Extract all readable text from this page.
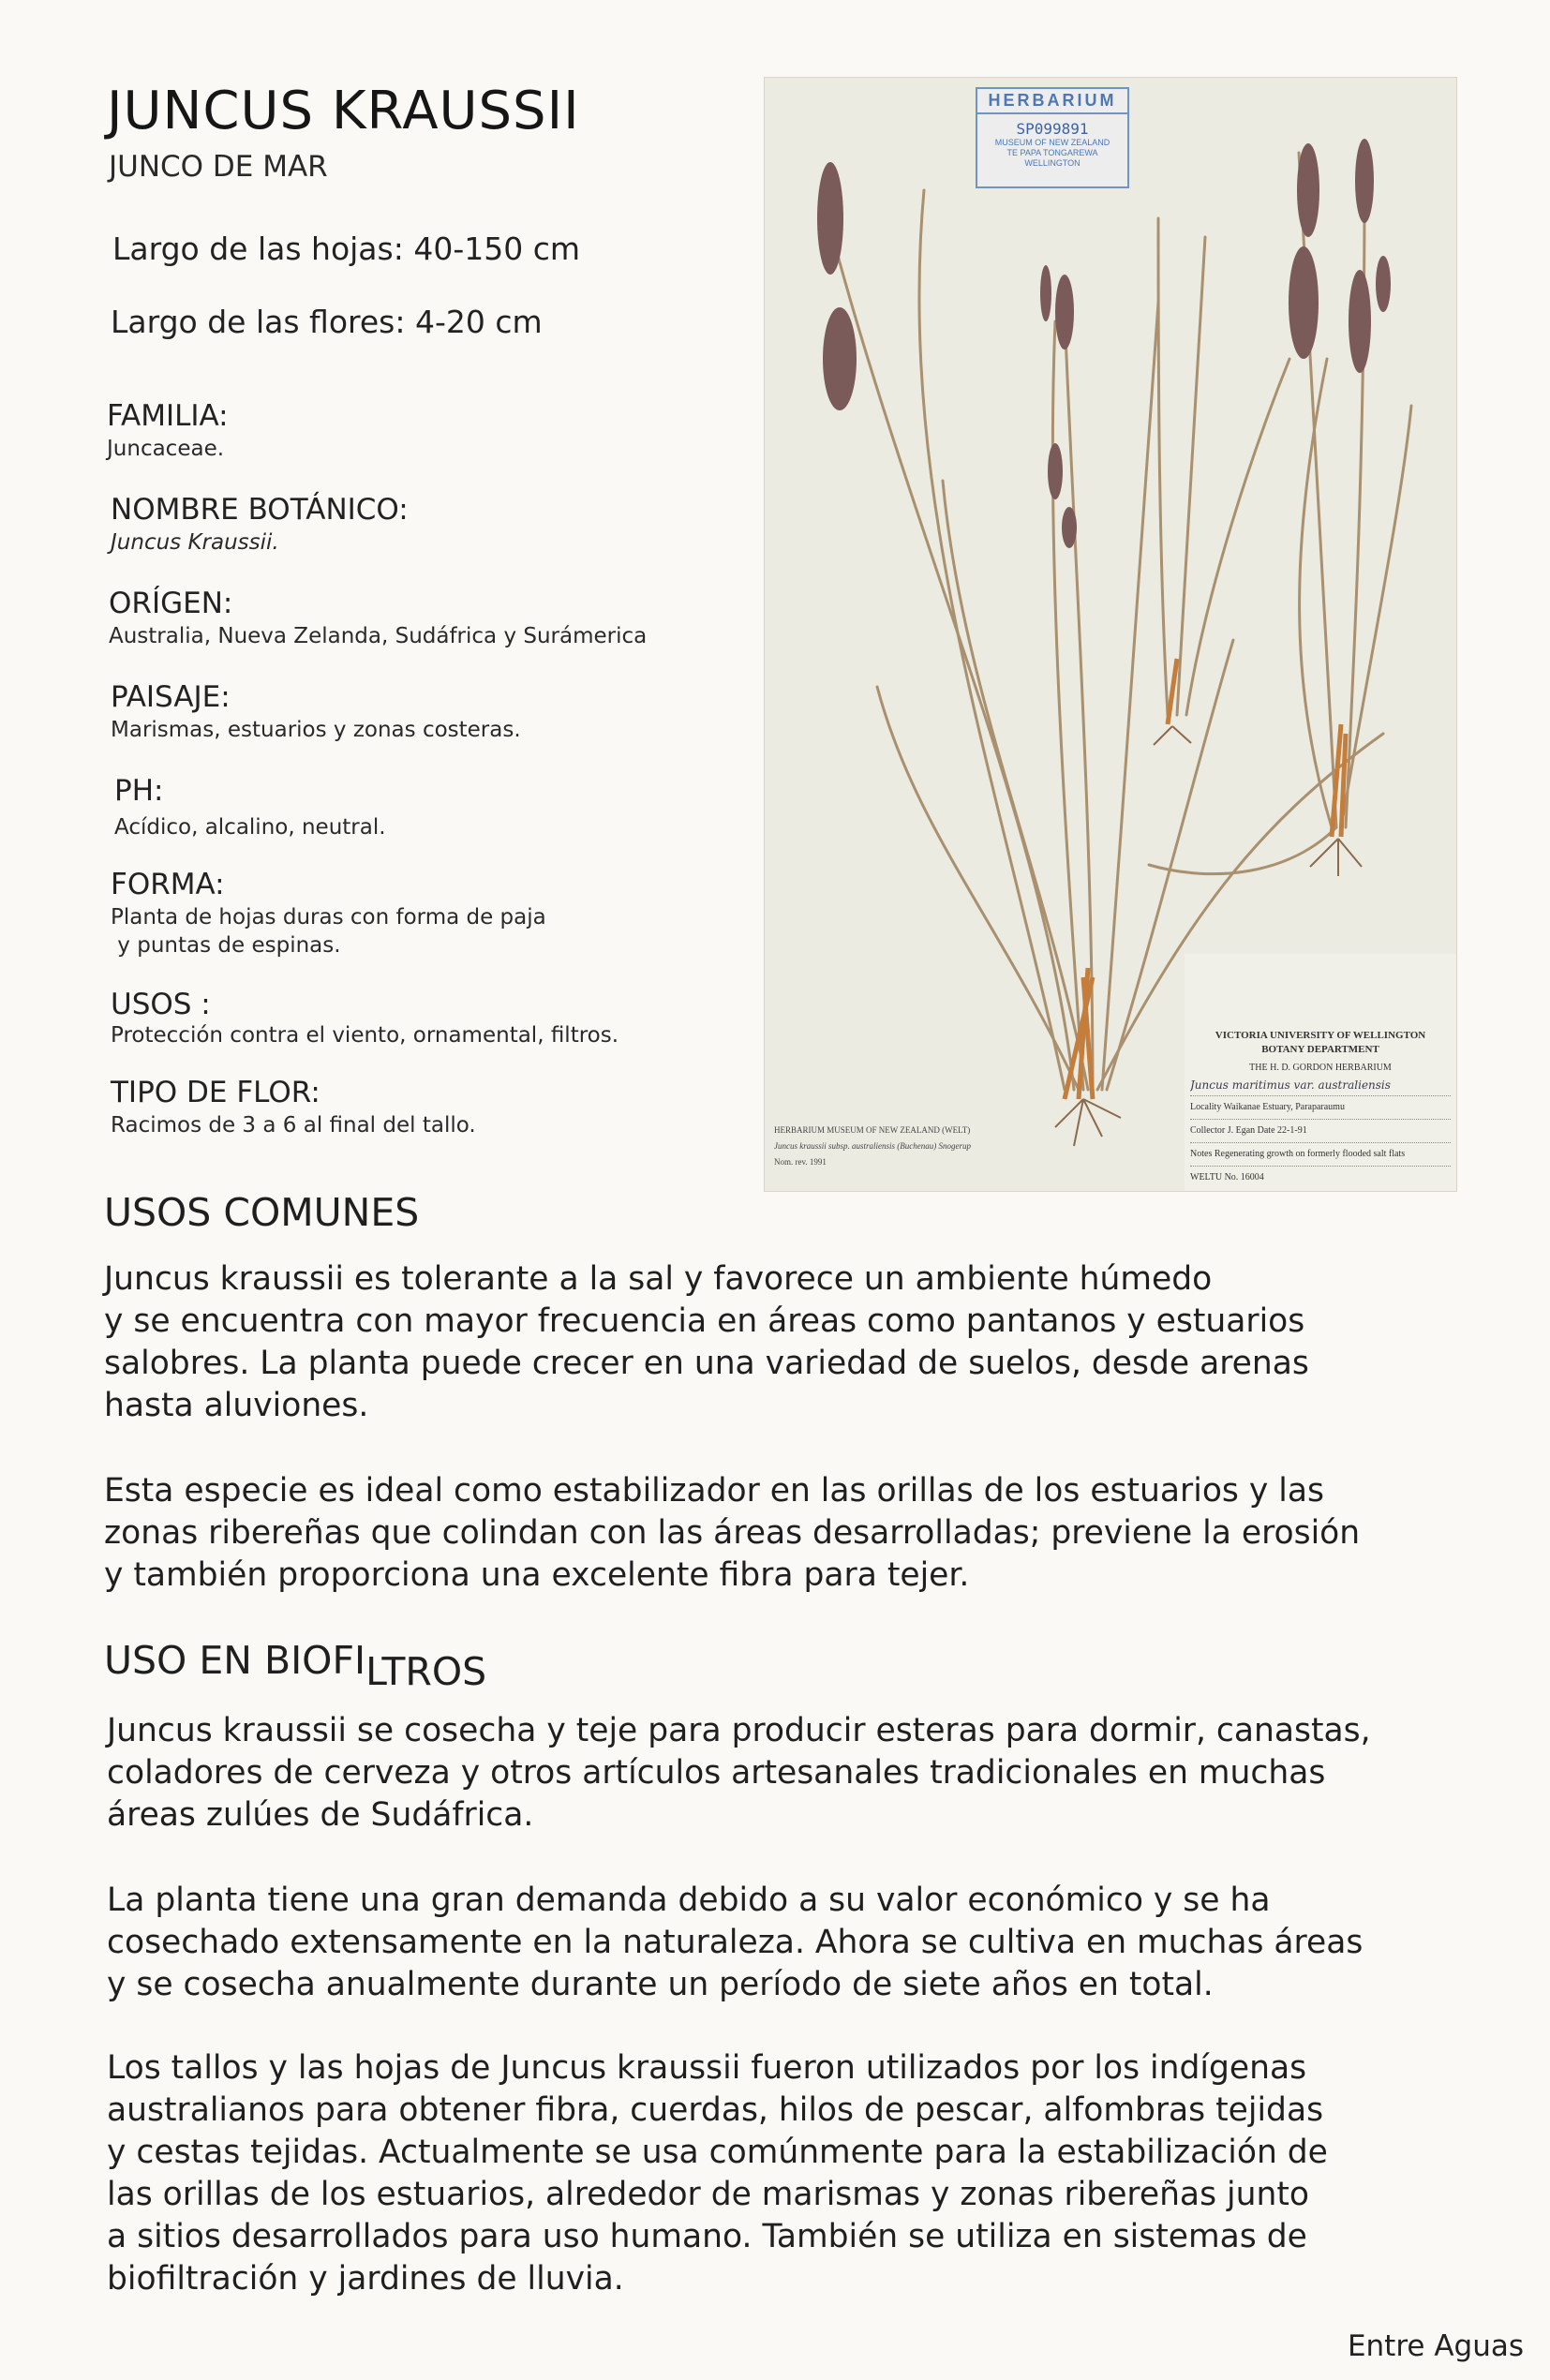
JUNCUS KRAUSSII
JUNCO DE MAR
Largo de las hojas: 40-150 cm
Largo de las flores: 4-20 cm
FAMILIA:
Juncaceae.
NOMBRE BOTÁNICO:
Juncus Kraussii.
ORÍGEN:
Australia, Nueva Zelanda, Sudáfrica y Surámerica
PAISAJE:
Marismas, estuarios y zonas costeras.
PH:
Acídico, alcalino, neutral.
FORMA:
Planta de hojas duras con forma de paja
y puntas de espinas.
USOS :
Protección contra el viento, ornamental, filtros.
TIPO DE FLOR:
Racimos de 3 a 6 al final del tallo.
HERBARIUM
SP099891
MUSEUM OF NEW ZEALAND
TE PAPA TONGAREWA
WELLINGTON
VICTORIA UNIVERSITY OF WELLINGTON
BOTANY DEPARTMENT
THE H. D. GORDON HERBARIUM
Juncus maritimus var. australiensis
Locality Waikanae Estuary, Paraparaumu
Collector J. Egan Date 22-1-91
Notes Regenerating growth on formerly flooded salt flats
WELTU No. 16004
HERBARIUM MUSEUM OF NEW ZEALAND (WELT)
Juncus kraussii subsp. australiensis (Buchenau) Snogerup
Nom. rev. 1991
USOS COMUNES

Juncus kraussii es tolerante a la sal y favorece un ambiente húmedo
y se encuentra con mayor frecuencia en áreas como pantanos y estuarios
salobres. La planta puede crecer en una variedad de suelos, desde arenas
hasta aluviones.

Esta especie es ideal como estabilizador en las orillas de los estuarios y las
zonas ribereñas que colindan con las áreas desarrolladas; previene la erosión
y también proporciona una excelente fibra para tejer.

USO EN BIOFILTROS

Juncus kraussii se cosecha y teje para producir esteras para dormir, canastas,
coladores de cerveza y otros artículos artesanales tradicionales en muchas
áreas zulúes de Sudáfrica.

La planta tiene una gran demanda debido a su valor económico y se ha
cosechado extensamente en la naturaleza. Ahora se cultiva en muchas áreas
y se cosecha anualmente durante un período de siete años en total.

Los tallos y las hojas de Juncus kraussii fueron utilizados por los indígenas
australianos para obtener fibra, cuerdas, hilos de pescar, alfombras tejidas
y cestas tejidas. Actualmente se usa comúnmente para la estabilización de
las orillas de los estuarios, alrededor de marismas y zonas ribereñas junto
a sitios desarrollados para uso humano. También se utiliza en sistemas de
biofiltración y jardines de lluvia.

Entre Aguas
